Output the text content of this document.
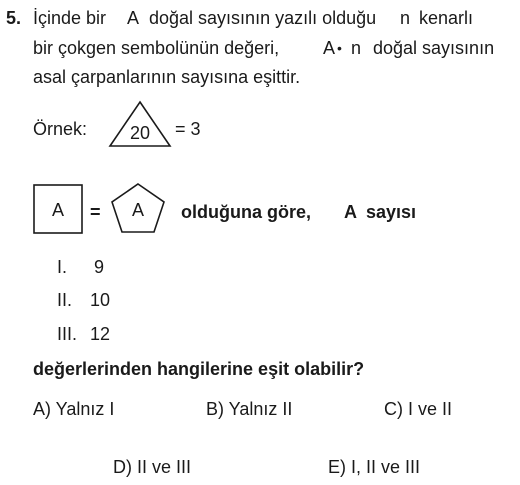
5. İçinde bir A doğal sayısının yazılı olduğu n kenarlı
bir çokgen sembolünün değeri, A • n doğal sayısının
asal çarpanlarının sayısına eşittir.
Örnek: 20 = 3
A = A olduğuna göre, A sayısı
I. 9
II. 10
III. 12
değerlerinden hangilerine eşit olabilir?
A) Yalnız I	B) Yalnız II	C) I ve II
D) II ve III	E) I, II ve III
